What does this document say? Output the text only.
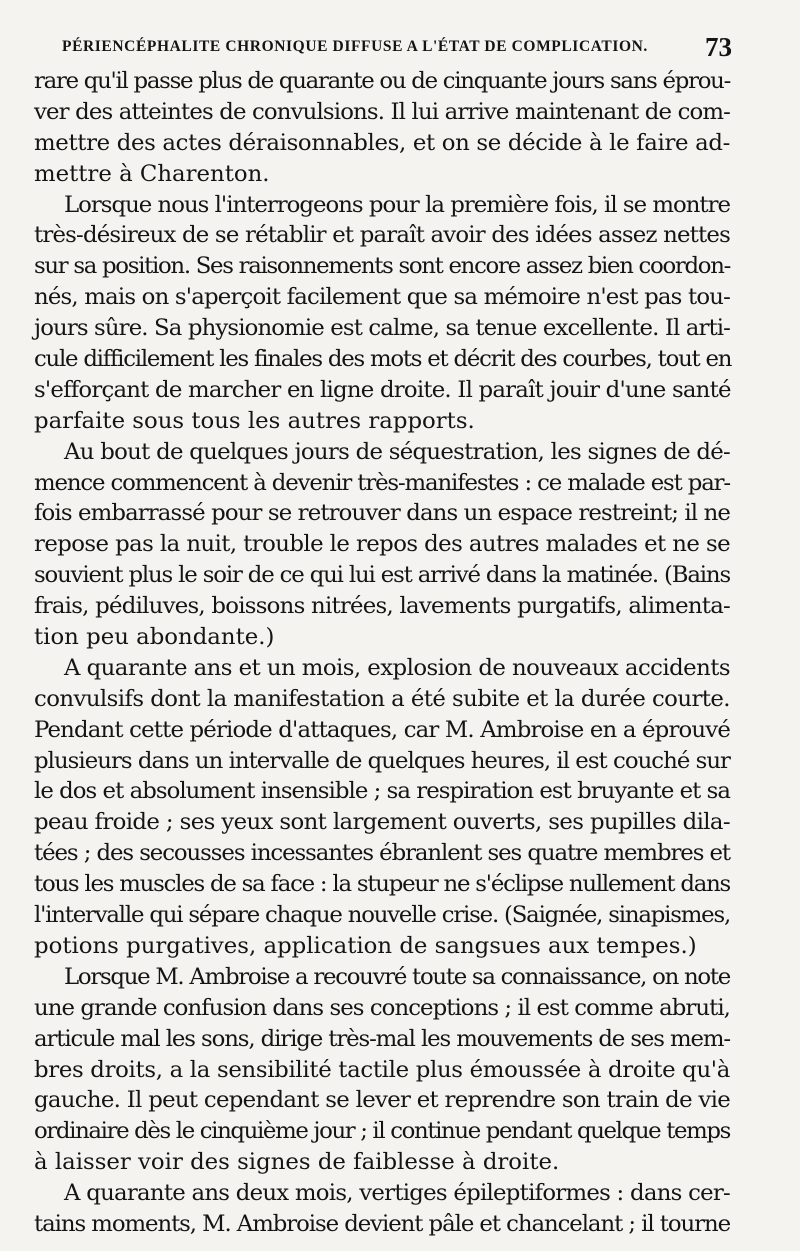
PÉRIENCÉPHALITE CHRONIQUE DIFFUSE A L'ÉTAT DE COMPLICATION. 73
rare qu'il passe plus de quarante ou de cinquante jours sans éprou-
ver des atteintes de convulsions. Il lui arrive maintenant de com-
mettre des actes déraisonnables, et on se décide à le faire ad-
mettre à Charenton.
Lorsque nous l'interrogeons pour la première fois, il se montre
très-désireux de se rétablir et paraît avoir des idées assez nettes
sur sa position. Ses raisonnements sont encore assez bien coordon-
nés, mais on s'aperçoit facilement que sa mémoire n'est pas tou-
jours sûre. Sa physionomie est calme, sa tenue excellente. Il arti-
cule difficilement les finales des mots et décrit des courbes, tout en
s'efforçant de marcher en ligne droite. Il paraît jouir d'une santé
parfaite sous tous les autres rapports.
Au bout de quelques jours de séquestration, les signes de dé-
mence commencent à devenir très-manifestes : ce malade est par-
fois embarrassé pour se retrouver dans un espace restreint; il ne
repose pas la nuit, trouble le repos des autres malades et ne se
souvient plus le soir de ce qui lui est arrivé dans la matinée. (Bains
frais, pédiluves, boissons nitrées, lavements purgatifs, alimenta-
tion peu abondante.)
A quarante ans et un mois, explosion de nouveaux accidents
convulsifs dont la manifestation a été subite et la durée courte.
Pendant cette période d'attaques, car M. Ambroise en a éprouvé
plusieurs dans un intervalle de quelques heures, il est couché sur
le dos et absolument insensible ; sa respiration est bruyante et sa
peau froide ; ses yeux sont largement ouverts, ses pupilles dila-
tées ; des secousses incessantes ébranlent ses quatre membres et
tous les muscles de sa face : la stupeur ne s'éclipse nullement dans
l'intervalle qui sépare chaque nouvelle crise. (Saignée, sinapismes,
potions purgatives, application de sangsues aux tempes.)
Lorsque M. Ambroise a recouvré toute sa connaissance, on note
une grande confusion dans ses conceptions ; il est comme abruti,
articule mal les sons, dirige très-mal les mouvements de ses mem-
bres droits, a la sensibilité tactile plus émoussée à droite qu'à
gauche. Il peut cependant se lever et reprendre son train de vie
ordinaire dès le cinquième jour ; il continue pendant quelque temps
à laisser voir des signes de faiblesse à droite.
A quarante ans deux mois, vertiges épileptiformes : dans cer-
tains moments, M. Ambroise devient pâle et chancelant ; il tourne
